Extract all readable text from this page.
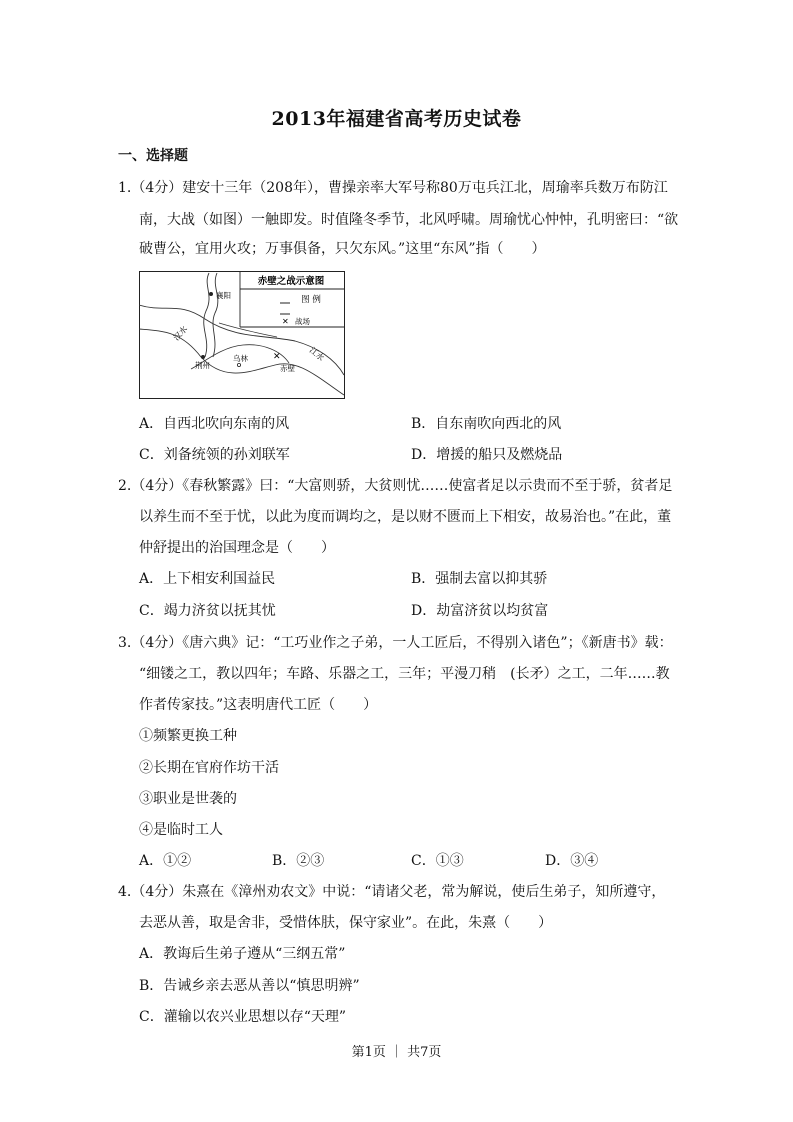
2013年福建省高考历史试卷
一、选择题
1.（4分）建安十三年（208年），曹操亲率大军号称80万屯兵江北，周瑜率兵数万布防江
南，大战（如图）一触即发。时值隆冬季节，北风呼啸。周瑜忧心忡忡，孔明密曰：“欲
破曹公，宜用火攻；万事俱备，只欠东风。”这里“东风”指（　　）
赤壁之战示意图
图 例
✕ 战场
襄阳
荆州
乌林	✕
赤壁
汉水
江水
A．自西北吹向东南的风	B．自东南吹向西北的风
C．刘备统领的孙刘联军	D．增援的船只及燃烧品
2.（4分）《春秋繁露》曰：“大富则骄，大贫则忧……使富者足以示贵而不至于骄，贫者足
以养生而不至于忧，以此为度而调均之，是以财不匮而上下相安，故易治也。”在此，董
仲舒提出的治国理念是（　　）
A．上下相安利国益民	B．强制去富以抑其骄
C．竭力济贫以抚其忧	D．劫富济贫以均贫富
3.（4分）《唐六典》记：“工巧业作之子弟，一人工匠后，不得别入诸色”；《新唐书》载：
“细镂之工，教以四年；车路、乐器之工，三年；平漫刀稍　(长矛）之工，二年……教
作者传家技。”这表明唐代工匠（　　）
①频繁更换工种
②长期在官府作坊干活
③职业是世袭的
④是临时工人
A．①②	B．②③	C．①③	D．③④
4.（4分）朱熹在《漳州劝农文》中说：“请诸父老，常为解说，使后生弟子，知所遵守，
去恶从善，取是舍非，受惜体肤，保守家业”。在此，朱熹（　　）
A．教诲后生弟子遵从“三纲五常”
B．告诫乡亲去恶从善以“慎思明辨”
C．灌输以农兴业思想以存“天理”
第1页 ｜ 共7页
